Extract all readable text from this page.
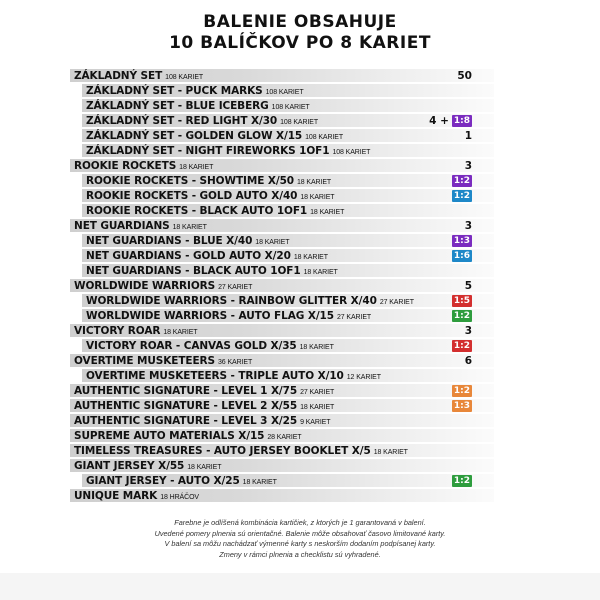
BALENIE OBSAHUJE
10 BALÍČKOV PO 8 KARIET
ZÁKLADNÝ SET 108 KARIET	50
ZÁKLADNÝ SET - PUCK MARKS 108 KARIET
ZÁKLADNÝ SET - BLUE ICEBERG 108 KARIET
ZÁKLADNÝ SET - RED LIGHT X/30 108 KARIET	4 + 1:8
ZÁKLADNÝ SET - GOLDEN GLOW X/15 108 KARIET	1
ZÁKLADNÝ SET - NIGHT FIREWORKS 1OF1 108 KARIET
ROOKIE ROCKETS 18 KARIET	3
ROOKIE ROCKETS - SHOWTIME X/50 18 KARIET	1:2
ROOKIE ROCKETS - GOLD AUTO X/40 18 KARIET	1:2
ROOKIE ROCKETS - BLACK AUTO 1OF1 18 KARIET
NET GUARDIANS 18 KARIET	3
NET GUARDIANS - BLUE X/40 18 KARIET	1:3
NET GUARDIANS - GOLD AUTO X/20 18 KARIET	1:6
NET GUARDIANS - BLACK AUTO 1OF1 18 KARIET
WORLDWIDE WARRIORS 27 KARIET	5
WORLDWIDE WARRIORS - RAINBOW GLITTER X/40 27 KARIET	1:5
WORLDWIDE WARRIORS - AUTO FLAG X/15 27 KARIET	1:2
VICTORY ROAR 18 KARIET	3
VICTORY ROAR - CANVAS GOLD X/35 18 KARIET	1:2
OVERTIME MUSKETEERS 36 KARIET	6
OVERTIME MUSKETEERS - TRIPLE AUTO X/10 12 KARIET
AUTHENTIC SIGNATURE - LEVEL 1 X/75 27 KARIET	1:2
AUTHENTIC SIGNATURE - LEVEL 2 X/55 18 KARIET	1:3
AUTHENTIC SIGNATURE - LEVEL 3 X/25 9 KARIET
SUPREME AUTO MATERIALS X/15 28 KARIET
TIMELESS TREASURES - AUTO JERSEY BOOKLET X/5 18 KARIET
GIANT JERSEY X/55 18 KARIET
GIANT JERSEY - AUTO X/25 18 KARIET	1:2
UNIQUE MARK 18 HRÁČOV
Farebne je odlíšená kombinácia kartičiek, z ktorých je 1 garantovaná v balení.
Uvedené pomery plnenia sú orientačné. Balenie môže obsahovať časovo limitované karty.
V balení sa môžu nachádzať výmenné karty s neskorším dodaním podpísanej karty.
Zmeny v rámci plnenia a checklistu sú vyhradené.
